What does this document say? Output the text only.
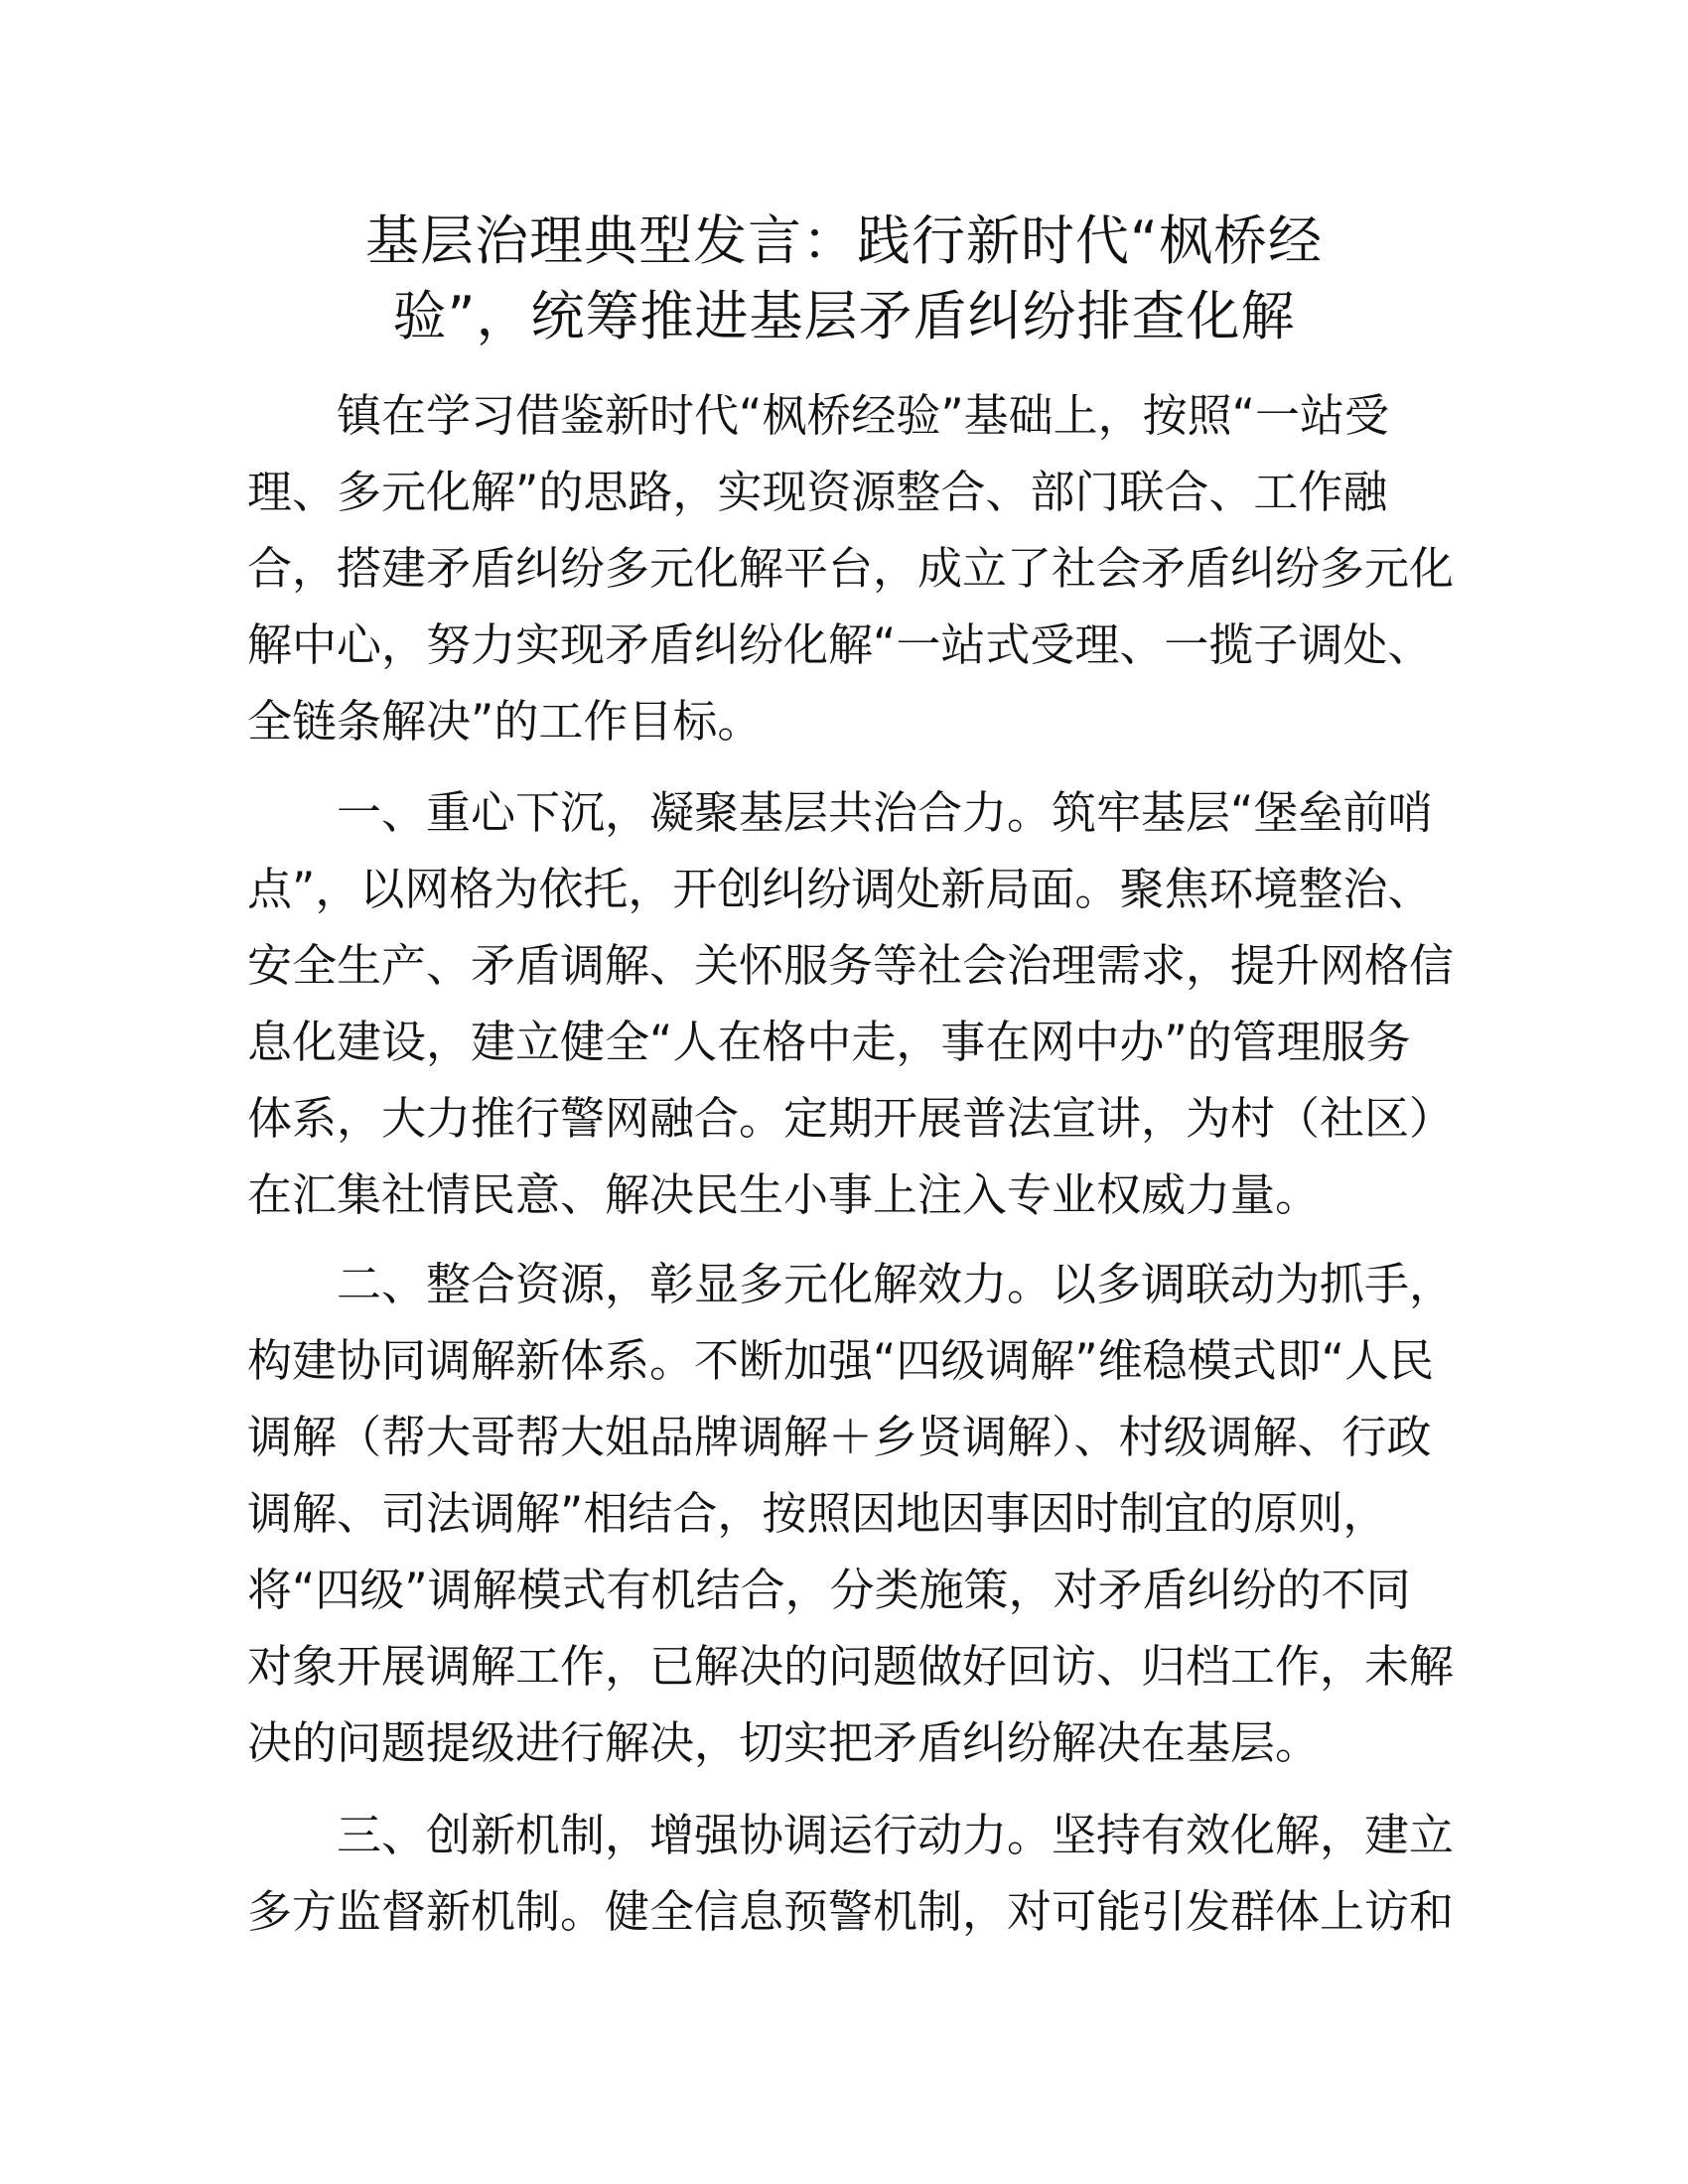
基层治理典型发言：践行新时代“枫桥经
验”，统筹推进基层矛盾纠纷排查化解
镇在学习借鉴新时代“枫桥经验”基础上，按照“一站受
理、多元化解”的思路，实现资源整合、部门联合、工作融
合，搭建矛盾纠纷多元化解平台，成立了社会矛盾纠纷多元化
解中心，努力实现矛盾纠纷化解“一站式受理、一揽子调处、
全链条解决”的工作目标。
一、重心下沉，凝聚基层共治合力。筑牢基层“堡垒前哨
点”，以网格为依托，开创纠纷调处新局面。聚焦环境整治、
安全生产、矛盾调解、关怀服务等社会治理需求，提升网格信
息化建设，建立健全“人在格中走，事在网中办”的管理服务
体系，大力推行警网融合。定期开展普法宣讲，为村（社区）
在汇集社情民意、解决民生小事上注入专业权威力量。
二、整合资源，彰显多元化解效力。以多调联动为抓手，
构建协同调解新体系。不断加强“四级调解”维稳模式即“人民
调解（帮大哥帮大姐品牌调解＋乡贤调解）、村级调解、行政
调解、司法调解”相结合，按照因地因事因时制宜的原则，
将“四级”调解模式有机结合，分类施策，对矛盾纠纷的不同
对象开展调解工作，已解决的问题做好回访、归档工作，未解
决的问题提级进行解决，切实把矛盾纠纷解决在基层。
三、创新机制，增强协调运行动力。坚持有效化解，建立
多方监督新机制。健全信息预警机制，对可能引发群体上访和
